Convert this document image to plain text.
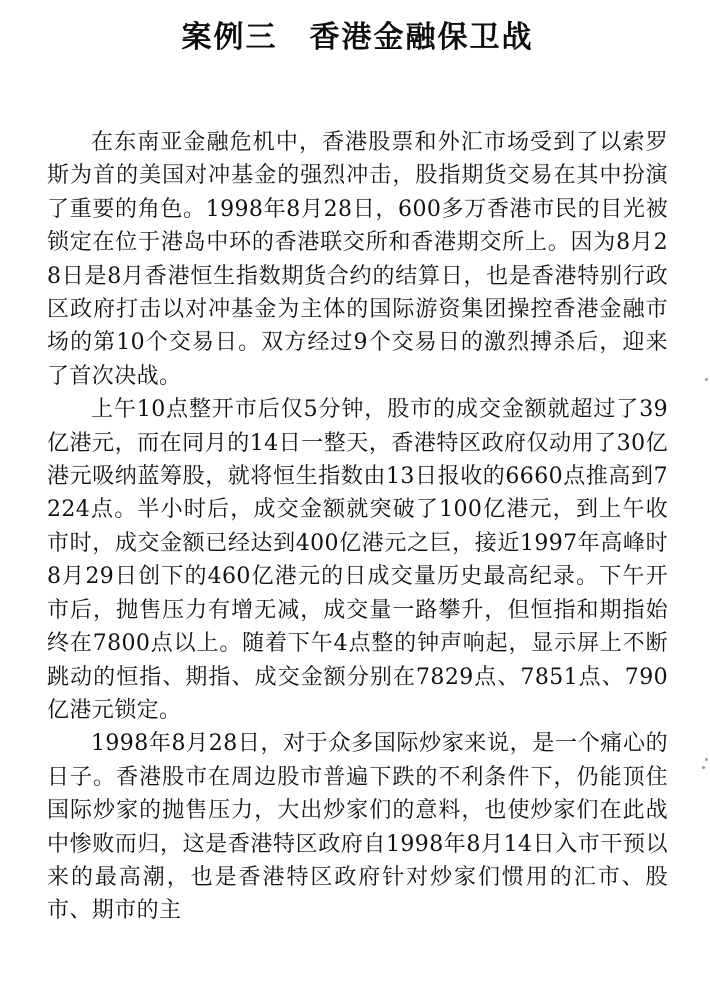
案例三　香港金融保卫战

在东南亚金融危机中，香港股票和外汇市场受到了以索罗斯为首的美国对冲基金的强烈冲击，股指期货交易在其中扮演了重要的角色。1998年8月28日，600多万香港市民的目光被锁定在位于港岛中环的香港联交所和香港期交所上。因为8月28日是8月香港恒生指数期货合约的结算日，也是香港特别行政区政府打击以对冲基金为主体的国际游资集团操控香港金融市场的第10个交易日。双方经过9个交易日的激烈搏杀后，迎来了首次决战。

上午10点整开市后仅5分钟，股市的成交金额就超过了39亿港元，而在同月的14日一整天，香港特区政府仅动用了30亿港元吸纳蓝筹股，就将恒生指数由13日报收的6660点推高到7224点。半小时后，成交金额就突破了100亿港元，到上午收市时，成交金额已经达到400亿港元之巨，接近1997年高峰时8月29日创下的460亿港元的日成交量历史最高纪录。下午开市后，抛售压力有增无减，成交量一路攀升，但恒指和期指始终在7800点以上。随着下午4点整的钟声响起，显示屏上不断跳动的恒指、期指、成交金额分别在7829点、7851点、790亿港元锁定。

1998年8月28日，对于众多国际炒家来说，是一个痛心的日子。香港股市在周边股市普遍下跌的不利条件下，仍能顶住国际炒家的抛售压力，大出炒家们的意料，也使炒家们在此战中惨败而归，这是香港特区政府自1998年8月14日入市干预以来的最高潮，也是香港特区政府针对炒家们惯用的汇市、股市、期市的主
